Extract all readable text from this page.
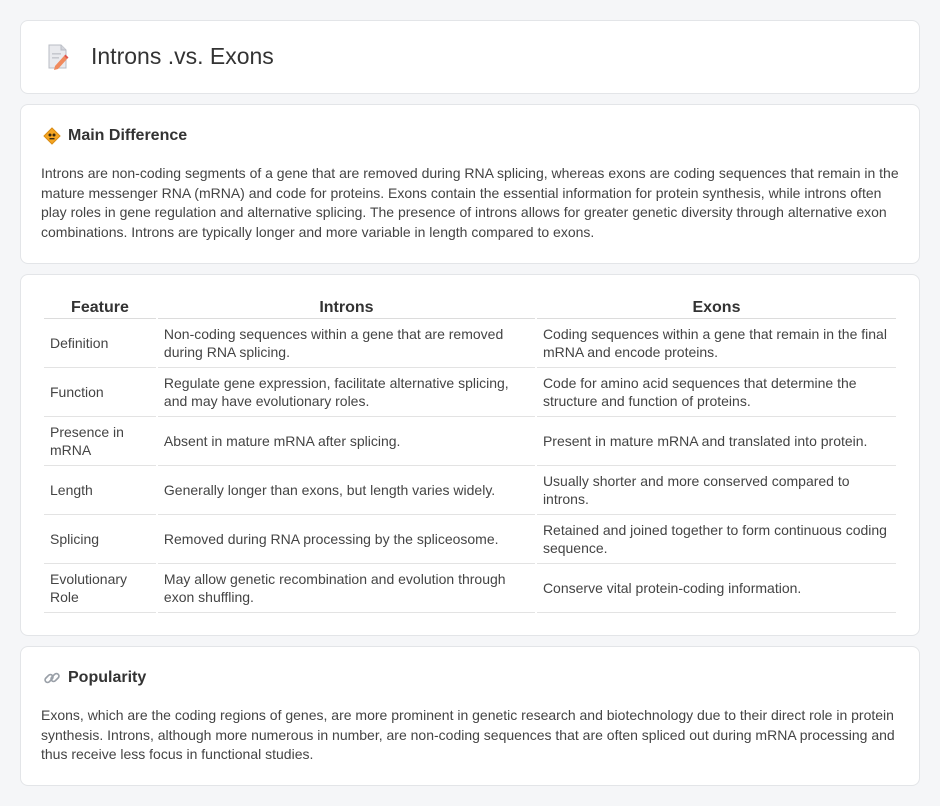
Introns .vs. Exons
Main Difference

Introns are non-coding segments of a gene that are removed during RNA splicing, whereas exons are coding sequences that remain in the mature messenger RNA (mRNA) and code for proteins. Exons contain the essential information for protein synthesis, while introns often play roles in gene regulation and alternative splicing. The presence of introns allows for greater genetic diversity through alternative exon combinations. Introns are typically longer and more variable in length compared to exons.

Feature	Introns	Exons
Definition	Non-coding sequences within a gene that are removed during RNA splicing.	Coding sequences within a gene that remain in the final mRNA and encode proteins.
Function	Regulate gene expression, facilitate alternative splicing, and may have evolutionary roles.	Code for amino acid sequences that determine the structure and function of proteins.
Presence in mRNA	Absent in mature mRNA after splicing.	Present in mature mRNA and translated into protein.
Length	Generally longer than exons, but length varies widely.	Usually shorter and more conserved compared to introns.
Splicing	Removed during RNA processing by the spliceosome.	Retained and joined together to form continuous coding sequence.
Evolutionary Role	May allow genetic recombination and evolution through exon shuffling.	Conserve vital protein-coding information.
Popularity

Exons, which are the coding regions of genes, are more prominent in genetic research and biotechnology due to their direct role in protein synthesis. Introns, although more numerous in number, are non-coding sequences that are often spliced out during mRNA processing and thus receive less focus in functional studies.
